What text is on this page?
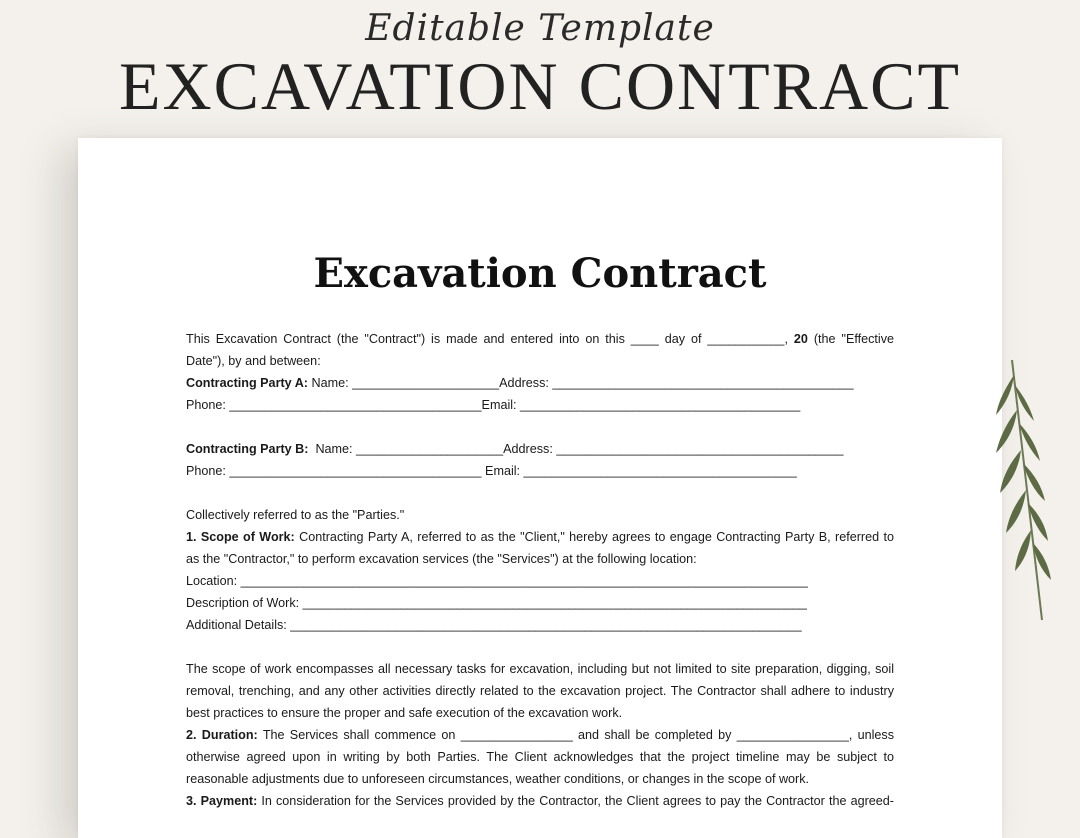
Editable Template
EXCAVATION CONTRACT
Excavation Contract
This Excavation Contract (the "Contract") is made and entered into on this ____ day of ___________, 20 (the "Effective
Date"), by and between:
Contracting Party A: Name: _____________________Address: ___________________________________________
Phone: ____________________________________Email: ________________________________________
Contracting Party B: Name: _____________________Address: _________________________________________
Phone: ____________________________________ Email: _______________________________________
Collectively referred to as the "Parties."
1. Scope of Work: Contracting Party A, referred to as the "Client," hereby agrees to engage Contracting Party B, referred to
as the "Contractor," to perform excavation services (the "Services") at the following location:
Location: _________________________________________________________________________________
Description of Work: ________________________________________________________________________
Additional Details: _________________________________________________________________________
The scope of work encompasses all necessary tasks for excavation, including but not limited to site preparation, digging, soil
removal, trenching, and any other activities directly related to the excavation project. The Contractor shall adhere to industry
best practices to ensure the proper and safe execution of the excavation work.
2. Duration: The Services shall commence on ________________ and shall be completed by ________________, unless
otherwise agreed upon in writing by both Parties. The Client acknowledges that the project timeline may be subject to
reasonable adjustments due to unforeseen circumstances, weather conditions, or changes in the scope of work.
3. Payment: In consideration for the Services provided by the Contractor, the Client agrees to pay the Contractor the agreed-
